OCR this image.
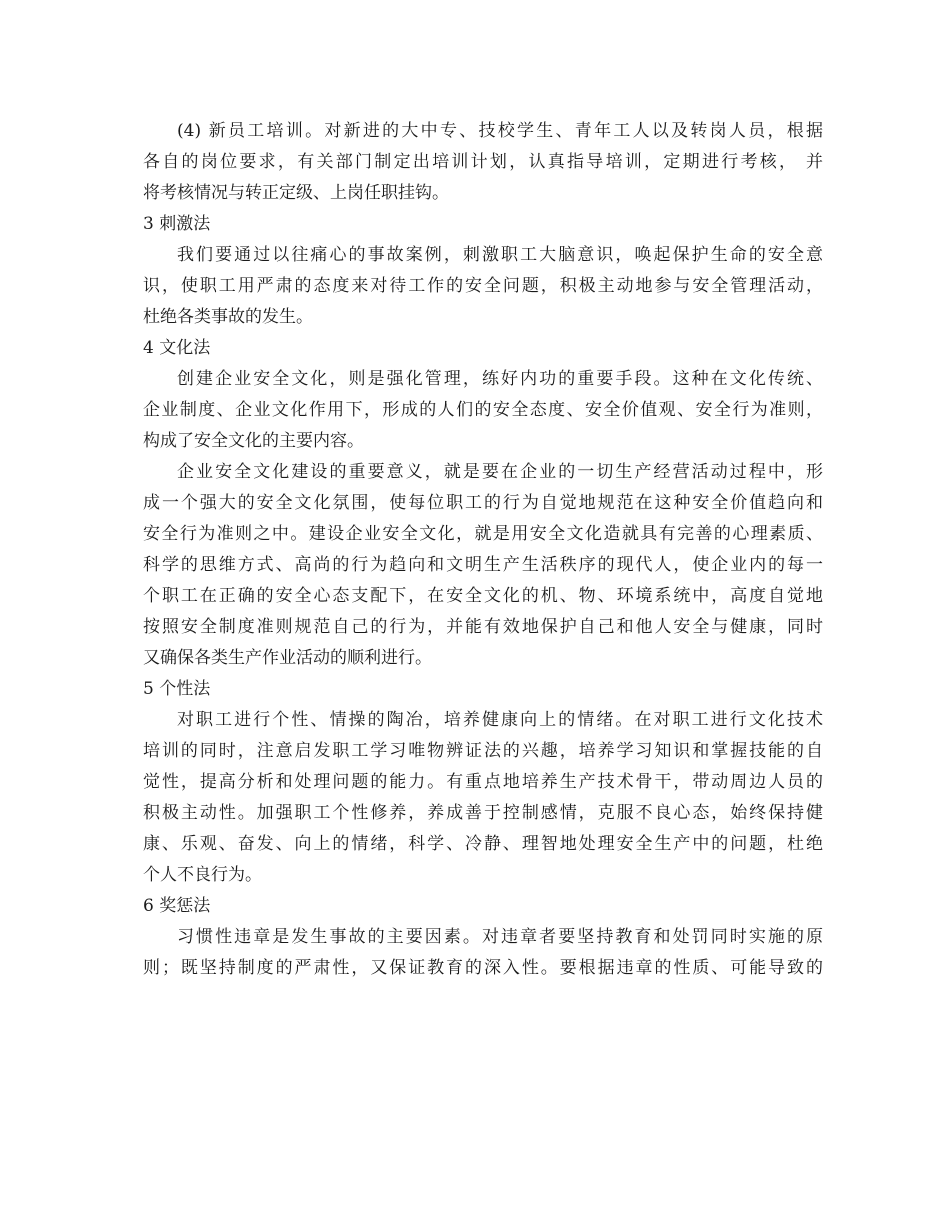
(4) 新员工培训。对新进的大中专、技校学生、青年工人以及转岗人员，根据
各自的岗位要求，有关部门制定出培训计划，认真指导培训，定期进行考核， 并
将考核情况与转正定级、上岗任职挂钩。
3 刺激法
我们要通过以往痛心的事故案例，刺激职工大脑意识，唤起保护生命的安全意
识，使职工用严肃的态度来对待工作的安全问题，积极主动地参与安全管理活动，
杜绝各类事故的发生。
4 文化法
创建企业安全文化，则是强化管理，练好内功的重要手段。这种在文化传统、
企业制度、企业文化作用下，形成的人们的安全态度、安全价值观、安全行为准则，
构成了安全文化的主要内容。
企业安全文化建设的重要意义，就是要在企业的一切生产经营活动过程中，形
成一个强大的安全文化氛围，使每位职工的行为自觉地规范在这种安全价值趋向和
安全行为准则之中。建设企业安全文化，就是用安全文化造就具有完善的心理素质、
科学的思维方式、高尚的行为趋向和文明生产生活秩序的现代人，使企业内的每一
个职工在正确的安全心态支配下，在安全文化的机、物、环境系统中，高度自觉地
按照安全制度准则规范自己的行为，并能有效地保护自己和他人安全与健康，同时
又确保各类生产作业活动的顺利进行。
5 个性法
对职工进行个性、情操的陶冶，培养健康向上的情绪。在对职工进行文化技术
培训的同时，注意启发职工学习唯物辨证法的兴趣，培养学习知识和掌握技能的自
觉性，提高分析和处理问题的能力。有重点地培养生产技术骨干，带动周边人员的
积极主动性。加强职工个性修养，养成善于控制感情，克服不良心态，始终保持健
康、乐观、奋发、向上的情绪，科学、冷静、理智地处理安全生产中的问题，杜绝
个人不良行为。
6 奖惩法
习惯性违章是发生事故的主要因素。对违章者要坚持教育和处罚同时实施的原
则；既坚持制度的严肃性，又保证教育的深入性。要根据违章的性质、可能导致的
